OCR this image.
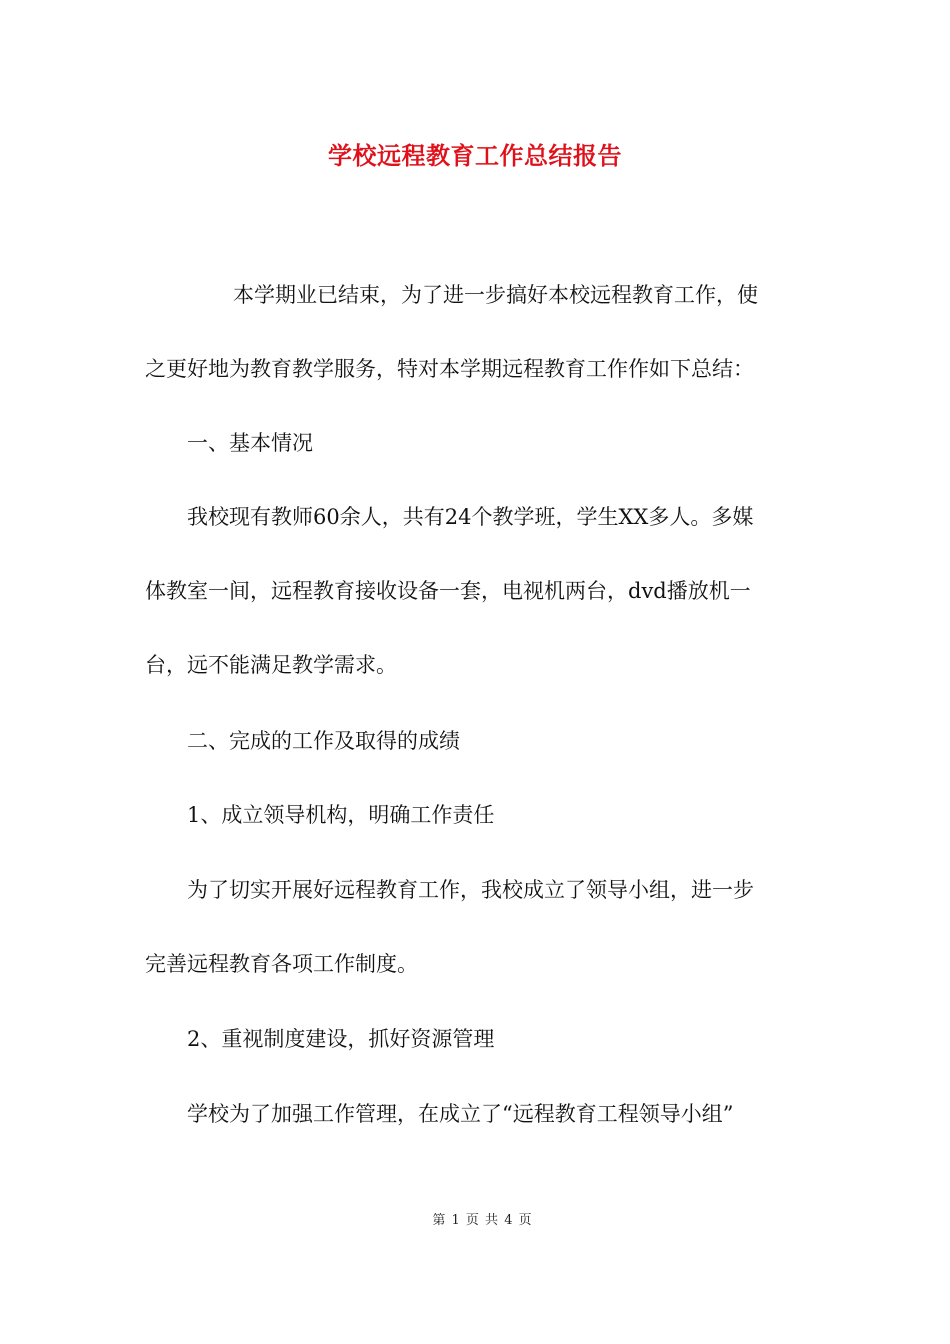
学校远程教育工作总结报告
本学期业已结束，为了进一步搞好本校远程教育工作，使
之更好地为教育教学服务，特对本学期远程教育工作作如下总结：
一、基本情况
我校现有教师60余人，共有24个教学班，学生XX多人。多媒
体教室一间，远程教育接收设备一套，电视机两台，dvd播放机一
台，远不能满足教学需求。
二、完成的工作及取得的成绩
1、成立领导机构，明确工作责任
为了切实开展好远程教育工作，我校成立了领导小组，进一步
完善远程教育各项工作制度。
2、重视制度建设，抓好资源管理
学校为了加强工作管理，在成立了“远程教育工程领导小组”
第 1 页 共 4 页
